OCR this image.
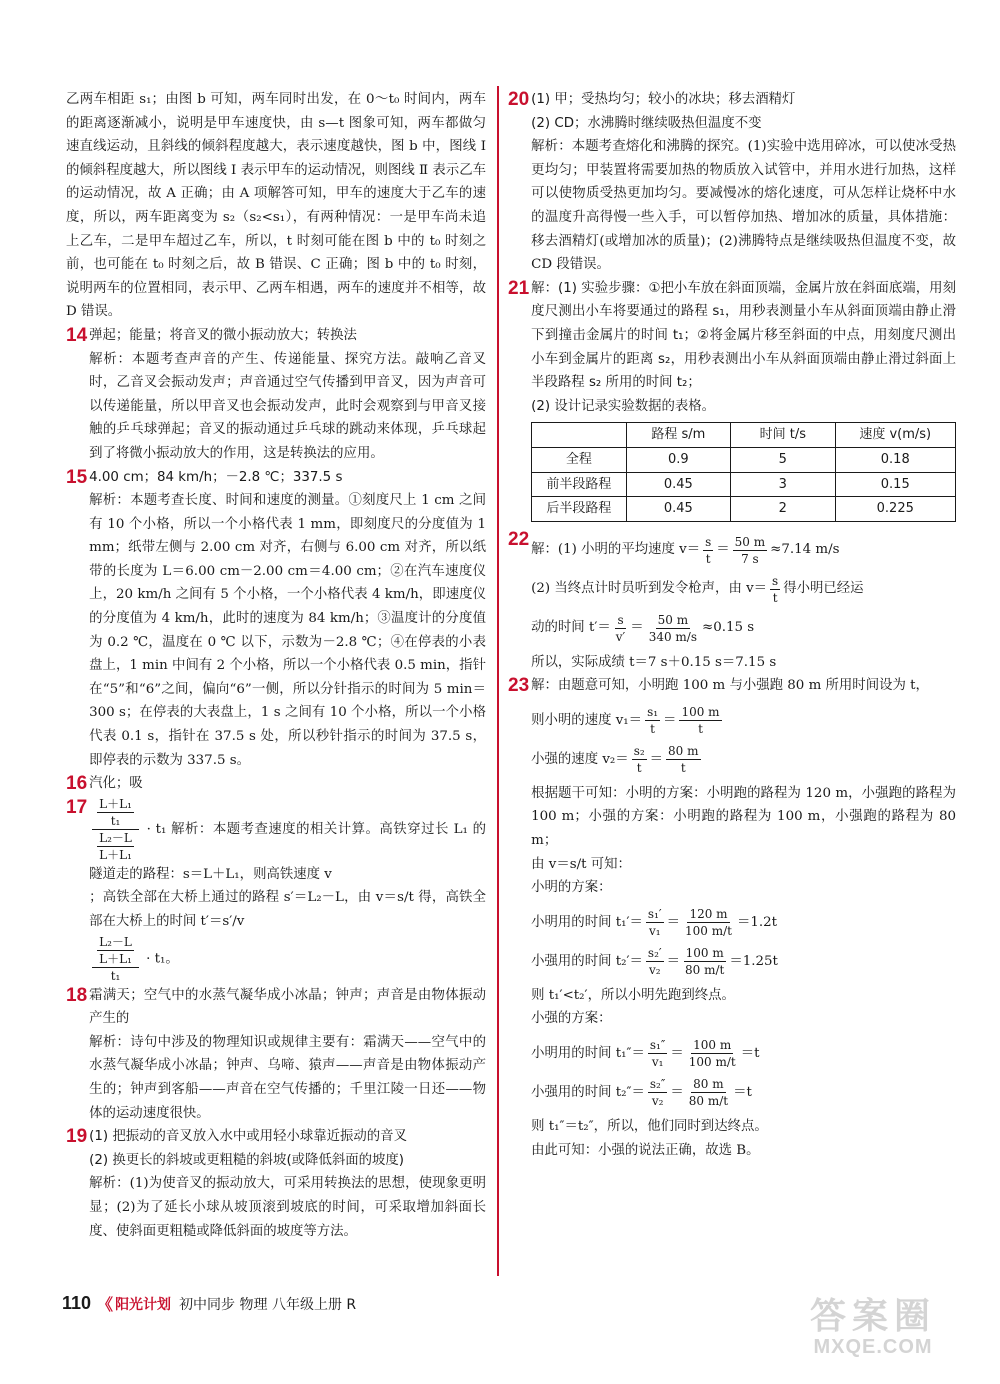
乙两车相距 s₁；由图 b 可知，两车同时出发，在 0～t₀ 时间内，两车的距离逐渐减小，说明是甲车速度快，由 s—t 图象可知，两车都做匀速直线运动，且斜线的倾斜程度越大，表示速度越快，图 b 中，图线 Ⅰ 的倾斜程度越大，所以图线 Ⅰ 表示甲车的运动情况，则图线 Ⅱ 表示乙车的运动情况，故 A 正确；由 A 项解答可知，甲车的速度大于乙车的速度，所以，两车距离变为 s₂（s₂<s₁），有两种情况：一是甲车尚未追上乙车，二是甲车超过乙车，所以，t 时刻可能在图 b 中的 t₀ 时刻之前，也可能在 t₀ 时刻之后，故 B 错误、C 正确；图 b 中的 t₀ 时刻，说明两车的位置相同，表示甲、乙两车相遇，两车的速度并不相等，故 D 错误。

14 弹起；能量；将音叉的微小振动放大；转换法

解析：本题考查声音的产生、传递能量、探究方法。敲响乙音叉时，乙音叉会振动发声；声音通过空气传播到甲音叉，因为声音可以传递能量，所以甲音叉也会振动发声，此时会观察到与甲音叉接触的乒乓球弹起；音叉的振动通过乒乓球的跳动来体现，乒乓球起到了将微小振动放大的作用，这是转换法的应用。

15 4.00 cm；84 km/h；－2.8 ℃；337.5 s

解析：本题考查长度、时间和速度的测量。①刻度尺上 1 cm 之间有 10 个小格，所以一个小格代表 1 mm，即刻度尺的分度值为 1 mm；纸带左侧与 2.00 cm 对齐，右侧与 6.00 cm 对齐，所以纸带的长度为 L＝6.00 cm－2.00 cm＝4.00 cm；②在汽车速度仪上，20 km/h 之间有 5 个小格，一个小格代表 4 km/h，即速度仪的分度值为 4 km/h，此时的速度为 84 km/h；③温度计的分度值为 0.2 ℃，温度在 0 ℃ 以下，示数为－2.8 ℃；④在停表的小表盘上，1 min 中间有 2 个小格，所以一个小格代表 0.5 min，指针在“5”和“6”之间，偏向“6”一侧，所以分针指示的时间为 5 min＝300 s；在停表的大表盘上，1 s 之间有 10 个小格，所以一个小格代表 0.1 s，指针在 37.5 s 处，所以秒针指示的时间为 37.5 s，即停表的示数为 337.5 s。

16 汽化；吸

$17 \frac{\frac{\text{L＋L₁}}{\text{t₁}}}{\frac{\text{L₂－L}}{\text{L＋L₁}}} \cdot t_1$ 解析：本题考查速度的相关计算。高铁穿过长 L₁ 的隧道走的路程：s＝L＋L₁，则高铁速度 v

；高铁全部在大桥上通过的路程 s′＝L₂－L，由 v＝s/t 得，高铁全部在大桥上的时间 t′＝s′/v

$\frac{\frac{\text{L₂－L}}{\text{L＋L₁}}}{\text{t₁}} \cdot t_1$。

18 霜满天；空气中的水蒸气凝华成小冰晶；钟声；声音是由物体振动产生的

解析：诗句中涉及的物理知识或规律主要有：霜满天——空气中的水蒸气凝华成小冰晶；钟声、乌啼、猿声——声音是由物体振动产生的；钟声到客船——声音在空气传播的；千里江陵一日还——物体的运动速度很快。

19 (1) 把振动的音叉放入水中或用轻小球靠近振动的音叉

(2) 换更长的斜坡或更粗糙的斜坡(或降低斜面的坡度)

解析：(1)为使音叉的振动放大，可采用转换法的思想，使现象更明显；(2)为了延长小球从坡顶滚到坡底的时间，可采取增加斜面长度、使斜面更粗糙或降低斜面的坡度等方法。

20 (1) 甲；受热均匀；较小的冰块；移去酒精灯

(2) CD；水沸腾时继续吸热但温度不变

解析：本题考查熔化和沸腾的探究。(1)实验中选用碎冰，可以使冰受热更均匀；甲装置将需要加热的物质放入试管中，并用水进行加热，这样可以使物质受热更加均匀。要减慢冰的熔化速度，可从怎样让烧杯中水的温度升高得慢一些入手，可以暂停加热、增加冰的质量，具体措施：移去酒精灯(或增加冰的质量)；(2)沸腾特点是继续吸热但温度不变，故 CD 段错误。

21 解：(1) 实验步骤：①把小车放在斜面顶端，金属片放在斜面底端，用刻度尺测出小车将要通过的路程 s₁，用秒表测量小车从斜面顶端由静止滑下到撞击金属片的时间 t₁；②将金属片移至斜面的中点，用刻度尺测出小车到金属片的距离 s₂，用秒表测出小车从斜面顶端由静止滑过斜面上半段路程 s₂ 所用的时间 t₂；

(2) 设计记录实验数据的表格。

	路程 s/m	时间 t/s	速度 v(m/s)
全程	0.9	5	0.18
前半段路程	0.45	3	0.15
后半段路程	0.45	2	0.225
22
解：(1) 小明的平均速度 $v= \frac{s}{t} = \frac{50 m}{7 s} \approx 7.14$ m/s
(2) 当终点计时员听到发令枪声，由 $v= \frac{s}{t}$ 得小明已经运
动的时间 $t'= \frac{s}{v'} = \frac{50 m}{340 m/s} \approx 0.15$ s

所以，实际成绩 t＝7 s＋0.15 s＝7.15 s

23 解：由题意可知，小明跑 100 m 与小强跑 80 m 所用时间设为 t，

则小明的速度 $v_1= \frac{\text{s₁}}{t} = \frac{100 m}{t}$
小强的速度 $v_2= \frac{\text{s₂}}{t} = \frac{80 m}{t}$

根据题干可知：小明的方案：小明跑的路程为 120 m，小强跑的路程为 100 m；小强的方案：小明跑的路程为 100 m，小强跑的路程为 80 m；

由 v＝s/t 可知：

小明的方案：

小明用的时间 $t_1'= \frac{\text{s₁′}}{\text{v₁}} = \frac{120 m}{100 m/t} =1.2t$
小强用的时间 $t_2'= \frac{\text{s₂′}}{\text{v₂}} = \frac{100 m}{80 m/t} =1.25t$

则 t₁′<t₂′，所以小明先跑到终点。

小强的方案：

小明用的时间 $t_1''= \frac{\text{s₁″}}{\text{v₁}} = \frac{100 m}{100 m/t} =t$
小强用的时间 $t_2''= \frac{\text{s₂″}}{\text{v₂}} = \frac{80 m}{80 m/t} =t$

则 t₁″＝t₂″，所以，他们同时到达终点。

由此可知：小强的说法正确，故选 B。

110 《 阳光计划 初中同步 物理 八年级上册 R	答案圈
MXQE.COM
